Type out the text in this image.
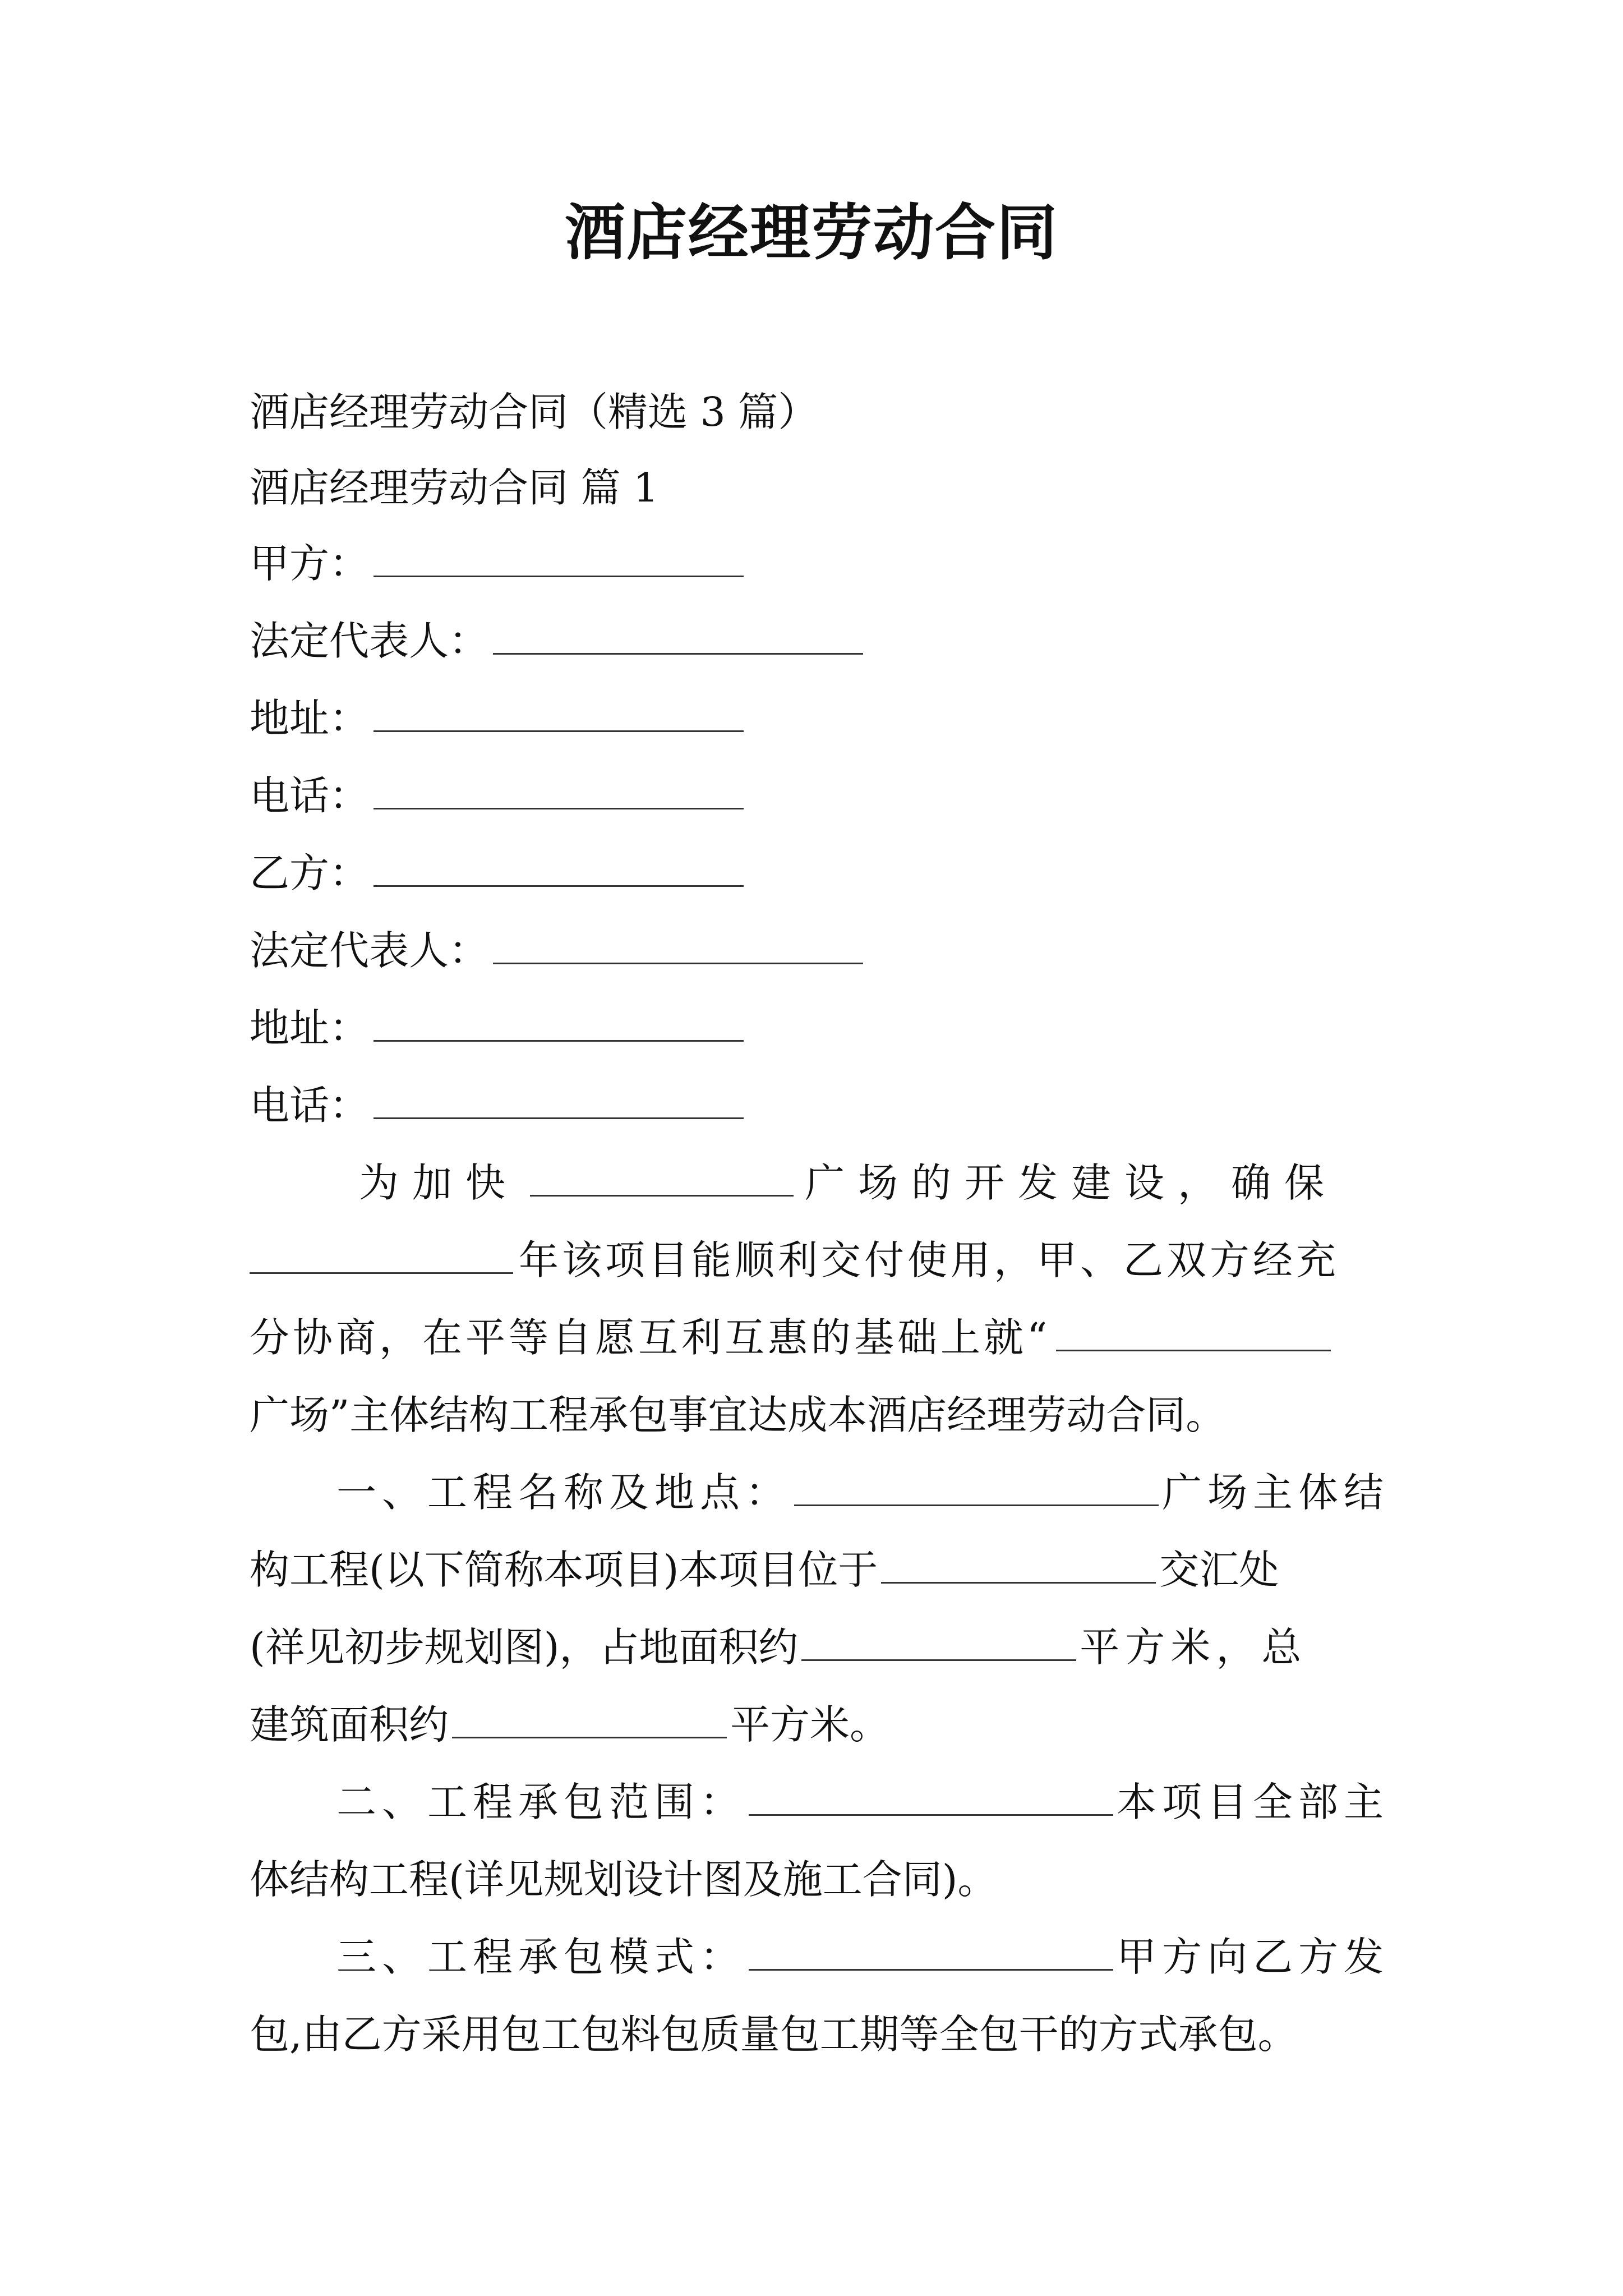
酒店经理劳动合同
酒店经理劳动合同（精选 3 篇）
酒店经理劳动合同 篇 1
甲方：
法定代表人：
地址：
电话：
乙方：
法定代表人：
地址：
电话：
为加快	广场的开发建设，确保
年该项目能顺利交付使用，甲、乙双方经充
分协商，在平等自愿互利互惠的基础上就“
广场”主体结构工程承包事宜达成本酒店经理劳动合同。
一、工程名称及地点：	广场主体结
构工程(以下简称本项目)本项目位于	交汇处
(祥见初步规划图)，占地面积约	平方米，总
建筑面积约	平方米。
二、工程承包范围：	本项目全部主
体结构工程(详见规划设计图及施工合同)。
三、工程承包模式：	甲方向乙方发
包,由乙方采用包工包料包质量包工期等全包干的方式承包。
